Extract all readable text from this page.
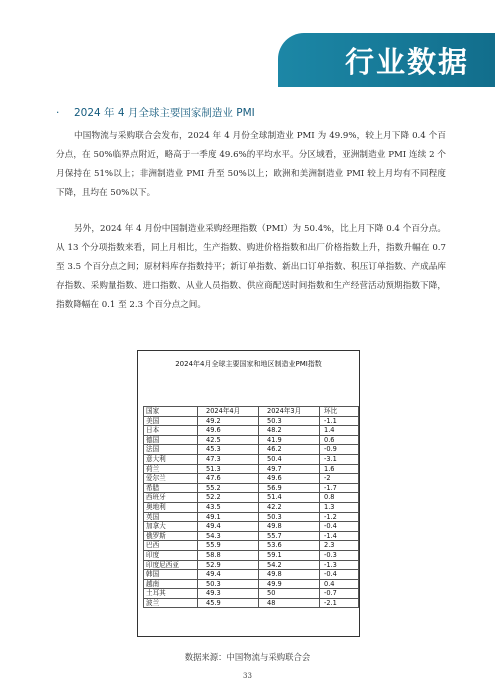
行业数据
· 2024 年 4 月全球主要国家制造业 PMI

中国物流与采购联合会发布，2024 年 4 月份全球制造业 PMI 为 49.9%，较上月下降 0.4 个百分点，在 50%临界点附近，略高于一季度 49.6%的平均水平。分区域看，亚洲制造业 PMI 连续 2 个月保持在 51%以上；非洲制造业 PMI 升至 50%以上；欧洲和美洲制造业 PMI 较上月均有不同程度下降，且均在 50%以下。

另外，2024 年 4 月份中国制造业采购经理指数（PMI）为 50.4%，比上月下降 0.4 个百分点。从 13 个分项指数来看，同上月相比，生产指数、购进价格指数和出厂价格指数上升，指数升幅在 0.7 至 3.5 个百分点之间；原材料库存指数持平；新订单指数、新出口订单指数、积压订单指数、产成品库存指数、采购量指数、进口指数、从业人员指数、供应商配送时间指数和生产经营活动预期指数下降，指数降幅在 0.1 至 2.3 个百分点之间。

2024年4月全球主要国家和地区制造业PMI指数
国家	2024年4月	2024年3月	环比
美国	49.2	50.3	-1.1
日本	49.6	48.2	1.4
德国	42.5	41.9	0.6
法国	45.3	46.2	-0.9
意大利	47.3	50.4	-3.1
荷兰	51.3	49.7	1.6
爱尔兰	47.6	49.6	-2
希腊	55.2	56.9	-1.7
西班牙	52.2	51.4	0.8
奥地利	43.5	42.2	1.3
英国	49.1	50.3	-1.2
加拿大	49.4	49.8	-0.4
俄罗斯	54.3	55.7	-1.4
巴西	55.9	53.6	2.3
印度	58.8	59.1	-0.3
印度尼西亚	52.9	54.2	-1.3
韩国	49.4	49.8	-0.4
越南	50.3	49.9	0.4
土耳其	49.3	50	-0.7
波兰	45.9	48	-2.1
数据来源：中国物流与采购联合会
33
